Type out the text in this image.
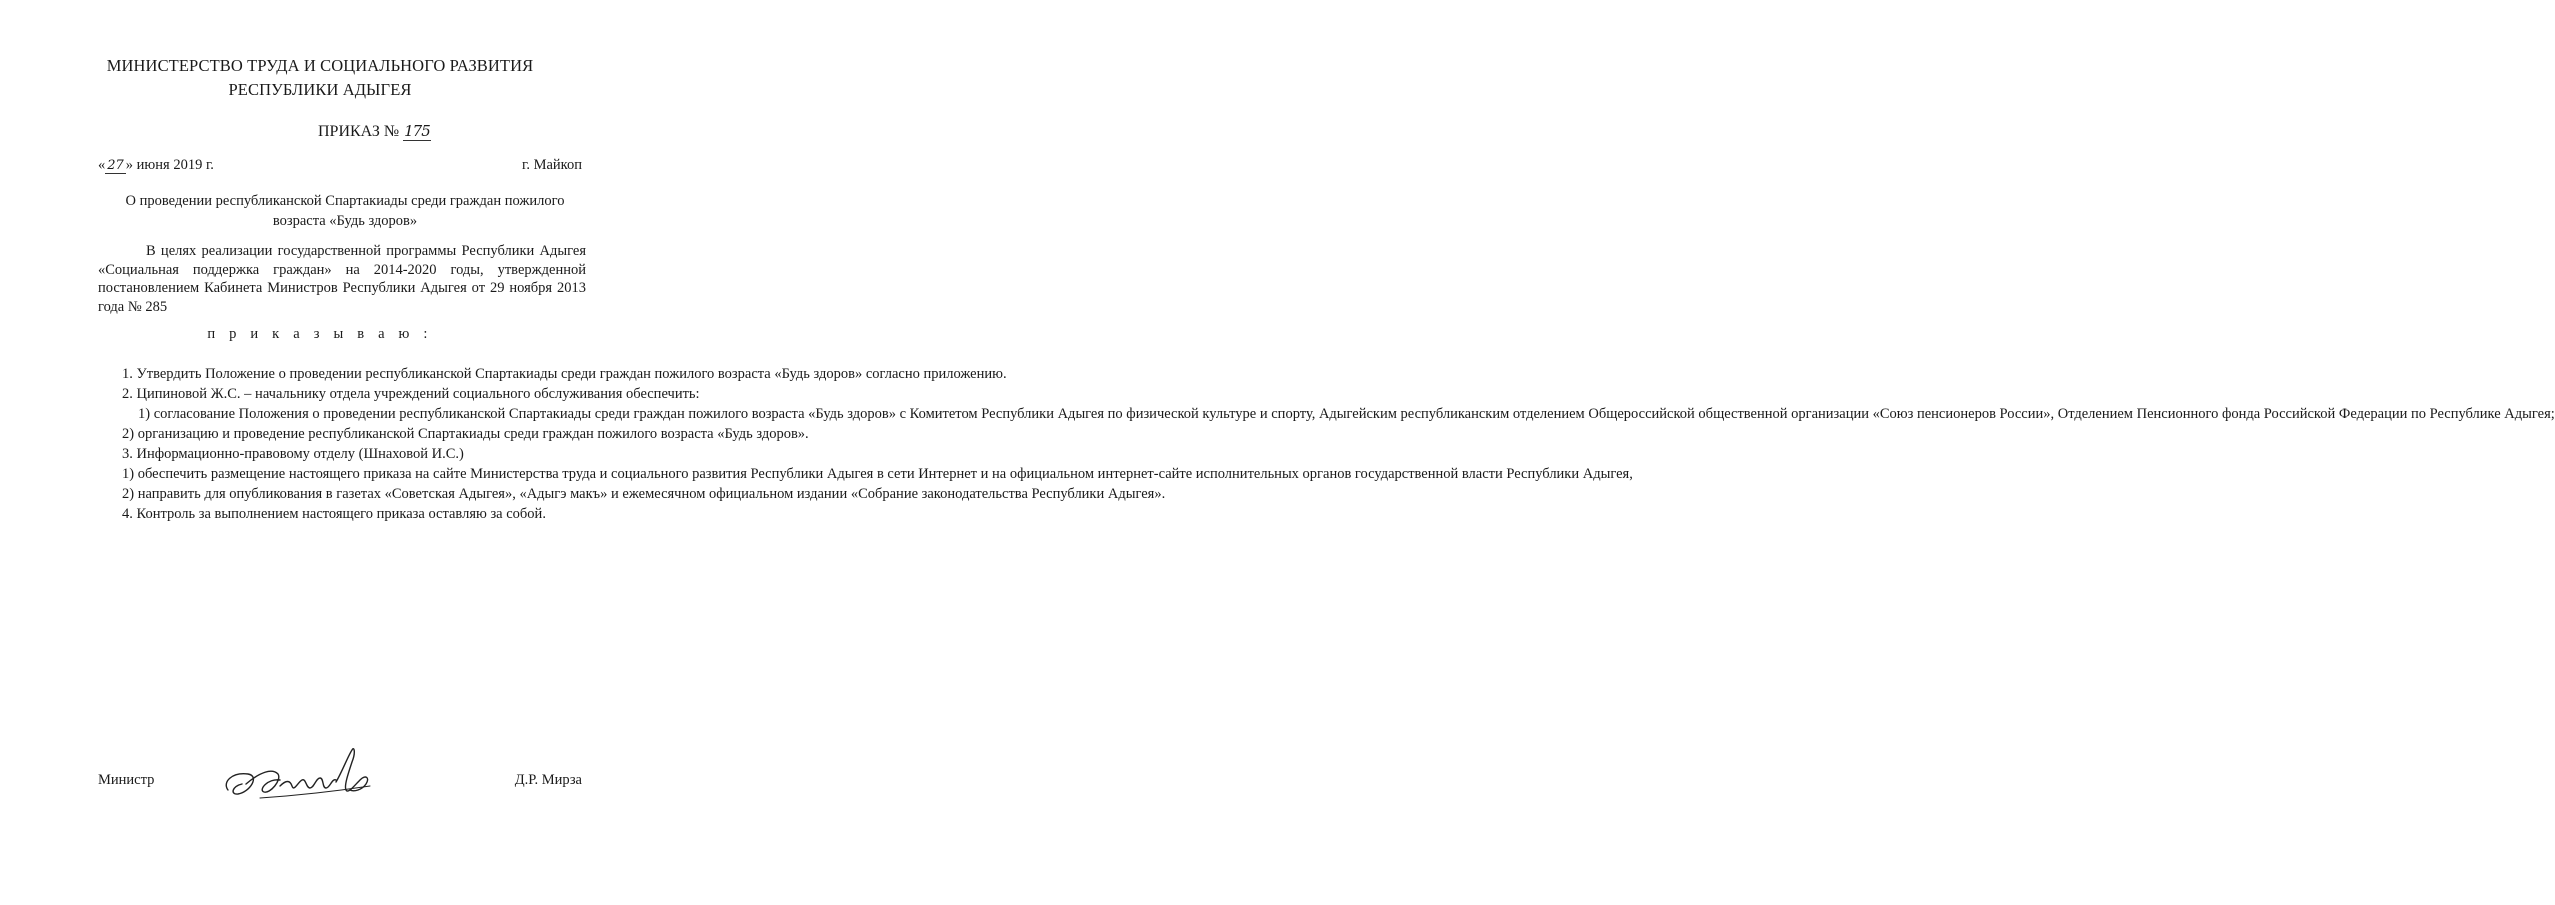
МИНИСТЕРСТВО ТРУДА И СОЦИАЛЬНОГО РАЗВИТИЯ
РЕСПУБЛИКИ АДЫГЕЯ
ПРИКАЗ № 175
« 27 » июня 2019 г.	г. Майкоп
О проведении республиканской Спартакиады среди граждан пожилого возраста «Будь здоров»
В целях реализации государственной программы Республики Адыгея «Социальная поддержка граждан» на 2014-2020 годы, утвержденной постановлением Кабинета Министров Республики Адыгея от 29 ноября 2013 года № 285
п р и к а з ы в а ю :

1. Утвердить Положение о проведении республиканской Спартакиады среди граждан пожилого возраста «Будь здоров» согласно приложению.

2. Ципиновой Ж.С. – начальнику отдела учреждений социального обслуживания обеспечить:

1) согласование Положения о проведении республиканской Спартакиады среди граждан пожилого возраста «Будь здоров» с Комитетом Республики Адыгея по физической культуре и спорту, Адыгейским республиканским отделением Общероссийской общественной организации «Союз пенсионеров России», Отделением Пенсионного фонда Российской Федерации по Республике Адыгея;

2) организацию и проведение республиканской Спартакиады среди граждан пожилого возраста «Будь здоров».

3. Информационно-правовому отделу (Шнаховой И.С.)

1) обеспечить размещение настоящего приказа на сайте Министерства труда и социального развития Республики Адыгея в сети Интернет и на официальном интернет-сайте исполнительных органов государственной власти Республики Адыгея,

2) направить для опубликования в газетах «Советская Адыгея», «Адыгэ макъ» и ежемесячном официальном издании «Собрание законодательства Республики Адыгея».

4. Контроль за выполнением настоящего приказа оставляю за собой.

Министр	Д.Р. Мирза
